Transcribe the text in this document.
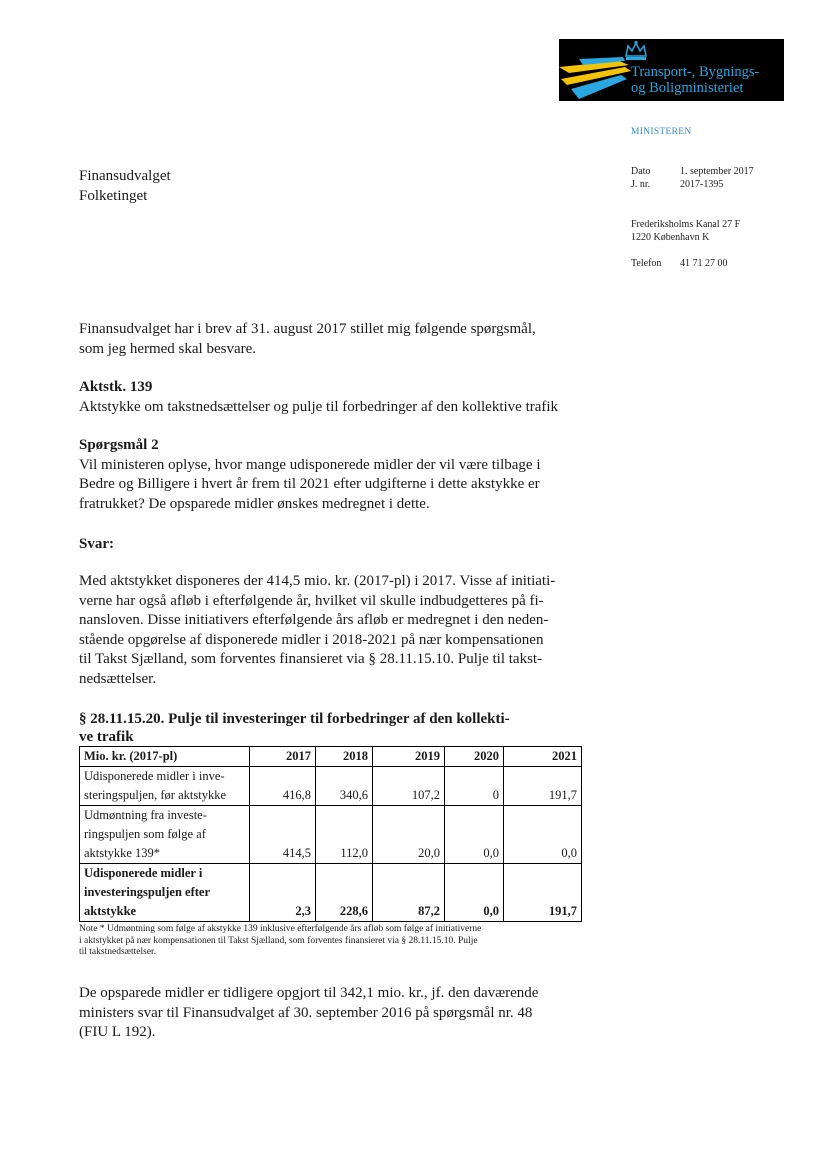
Transport-, Bygnings-
og Boligministeriet
MINISTEREN
Dato	1. september 2017
J. nr.	2017-1395
Frederiksholms Kanal 27 F
1220 København K
Telefon	41 71 27 00
Finansudvalget
Folketinget
Finansudvalget har i brev af 31. august 2017 stillet mig følgende spørgsmål,
som jeg hermed skal besvare.
Aktstk. 139
Aktstykke om takstnedsættelser og pulje til forbedringer af den kollektive trafik
Spørgsmål 2
Vil ministeren oplyse, hvor mange udisponerede midler der vil være tilbage i
Bedre og Billigere i hvert år frem til 2021 efter udgifterne i dette akstykke er
fratrukket? De opsparede midler ønskes medregnet i dette.
Svar:
Med aktstykket disponeres der 414,5 mio. kr. (2017-pl) i 2017. Visse af initiati-
verne har også afløb i efterfølgende år, hvilket vil skulle indbudgetteres på fi-
nansloven. Disse initiativers efterfølgende års afløb er medregnet i den neden-
stående opgørelse af disponerede midler i 2018-2021 på nær kompensationen
til Takst Sjælland, som forventes finansieret via § 28.11.15.10. Pulje til takst-
nedsættelser.
§ 28.11.15.20. Pulje til investeringer til forbedringer af den kollekti-
ve trafik
Mio. kr. (2017-pl)	2017	2018	2019	2020	2021

Udisponerede midler i inve-
steringspuljen, før aktstykke	416,8	340,6	107,2	0	191,7

Udmøntning fra investe-
ringspuljen som følge af
aktstykke 139*	414,5	112,0	20,0	0,0	0,0

Udisponerede midler i
investeringspuljen efter
aktstykke	2,3	228,6	87,2	0,0	191,7
Note * Udmøntning som følge af akstykke 139 inklusive efterfølgende års afløb som følge af initiativerne
i aktstykket på nær kompensationen til Takst Sjælland, som forventes finansieret via § 28.11.15.10. Pulje
til takstnedsættelser.
De opsparede midler er tidligere opgjort til 342,1 mio. kr., jf. den daværende
ministers svar til Finansudvalget af 30. september 2016 på spørgsmål nr. 48
(FIU L 192).
